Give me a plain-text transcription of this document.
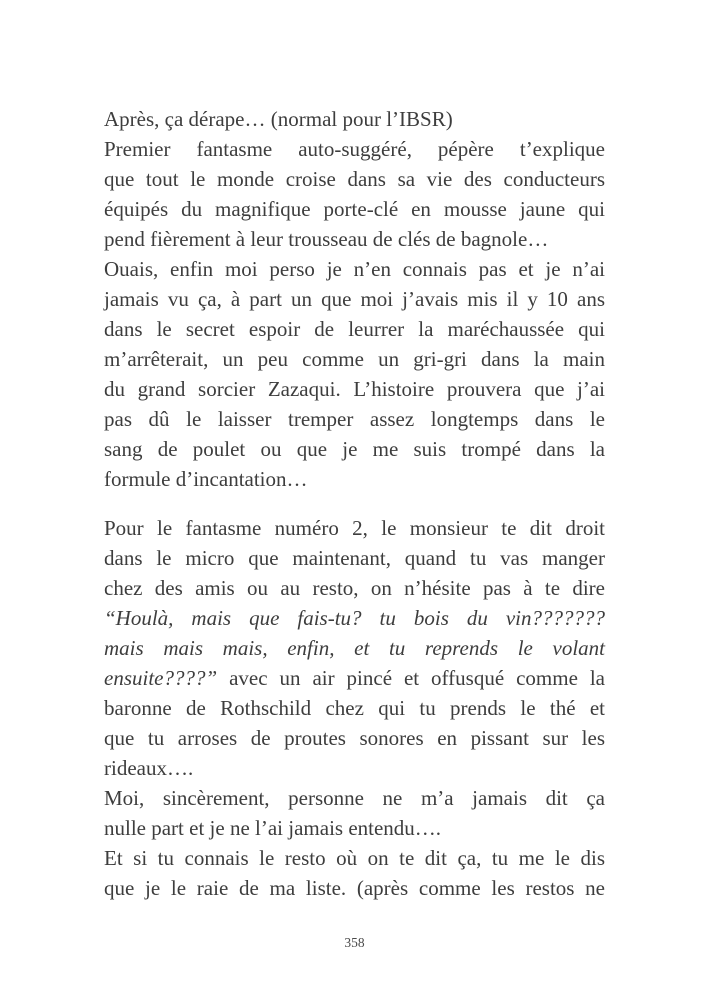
Après, ça dérape… (normal pour l’IBSR)
Premier fantasme auto-suggéré, pépère t’explique
que tout le monde croise dans sa vie des conducteurs
équipés du magnifique porte-clé en mousse jaune qui
pend fièrement à leur trousseau de clés de bagnole…
Ouais, enfin moi perso je n’en connais pas et je n’ai
jamais vu ça, à part un que moi j’avais mis il y 10 ans
dans le secret espoir de leurrer la maréchaussée qui
m’arrêterait, un peu comme un gri-gri dans la main
du grand sorcier Zazaqui. L’histoire prouvera que j’ai
pas dû le laisser tremper assez longtemps dans le
sang de poulet ou que je me suis trompé dans la
formule d’incantation…
Pour le fantasme numéro 2, le monsieur te dit droit
dans le micro que maintenant, quand tu vas manger
chez des amis ou au resto, on n’hésite pas à te dire
“Houlà, mais que fais-tu? tu bois du vin???????
mais mais mais, enfin, et tu reprends le volant
ensuite????” avec un air pincé et offusqué comme la
baronne de Rothschild chez qui tu prends le thé et
que tu arroses de proutes sonores en pissant sur les
rideaux….
Moi, sincèrement, personne ne m’a jamais dit ça
nulle part et je ne l’ai jamais entendu….
Et si tu connais le resto où on te dit ça, tu me le dis
que je le raie de ma liste. (après comme les restos ne
358
